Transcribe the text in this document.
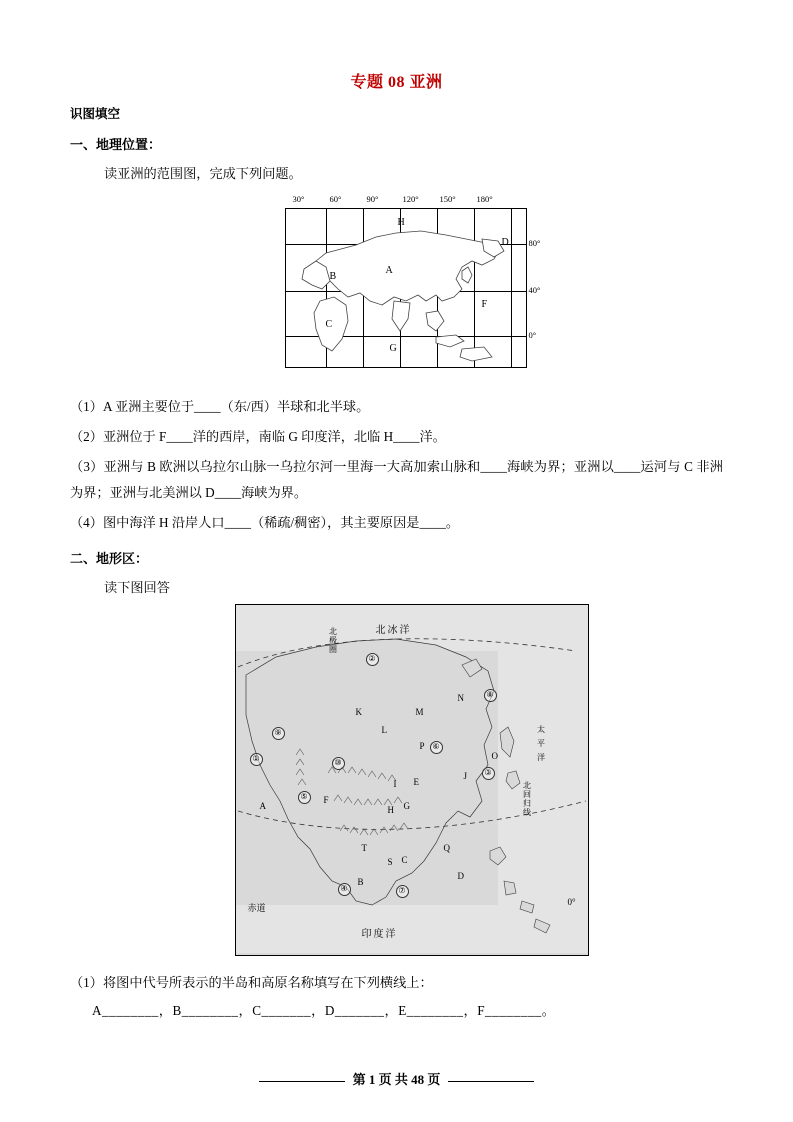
专题 08 亚洲
识图填空
一、地理位置：
读亚洲的范围图，完成下列问题。
30°	60°	90°	120° 150° 180°
80°
40°
0°
A
B
C
D
F
G
H
（1）A 亚洲主要位于____（东/西）半球和北半球。
（2）亚洲位于 F____洋的西岸，南临 G 印度洋，北临 H____洋。
（3）亚洲与 B 欧洲以乌拉尔山脉一乌拉尔河一里海一大高加索山脉和____海峡为界；亚洲以____运河与 C 非洲为界；亚洲与北美洲以 D____海峡为界。
（4）图中海洋 H 沿岸人口____（稀疏/稠密），其主要原因是____。
二、地形区：
读下图回答
北冰洋
太平洋
印度洋
北极圈
北回归线
赤道
0°
A
B
C
D
E
F
G
H
I
J
K
L
M
N
O
P
Q
S
T
①
②
③
④
⑤
⑥
⑦
⑧
⑨
⑩
（1）将图中代号所表示的半岛和高原名称填写在下列横线上：
A________，B________，C_______，D_______，E________，F________。
第 1 页 共 48 页
